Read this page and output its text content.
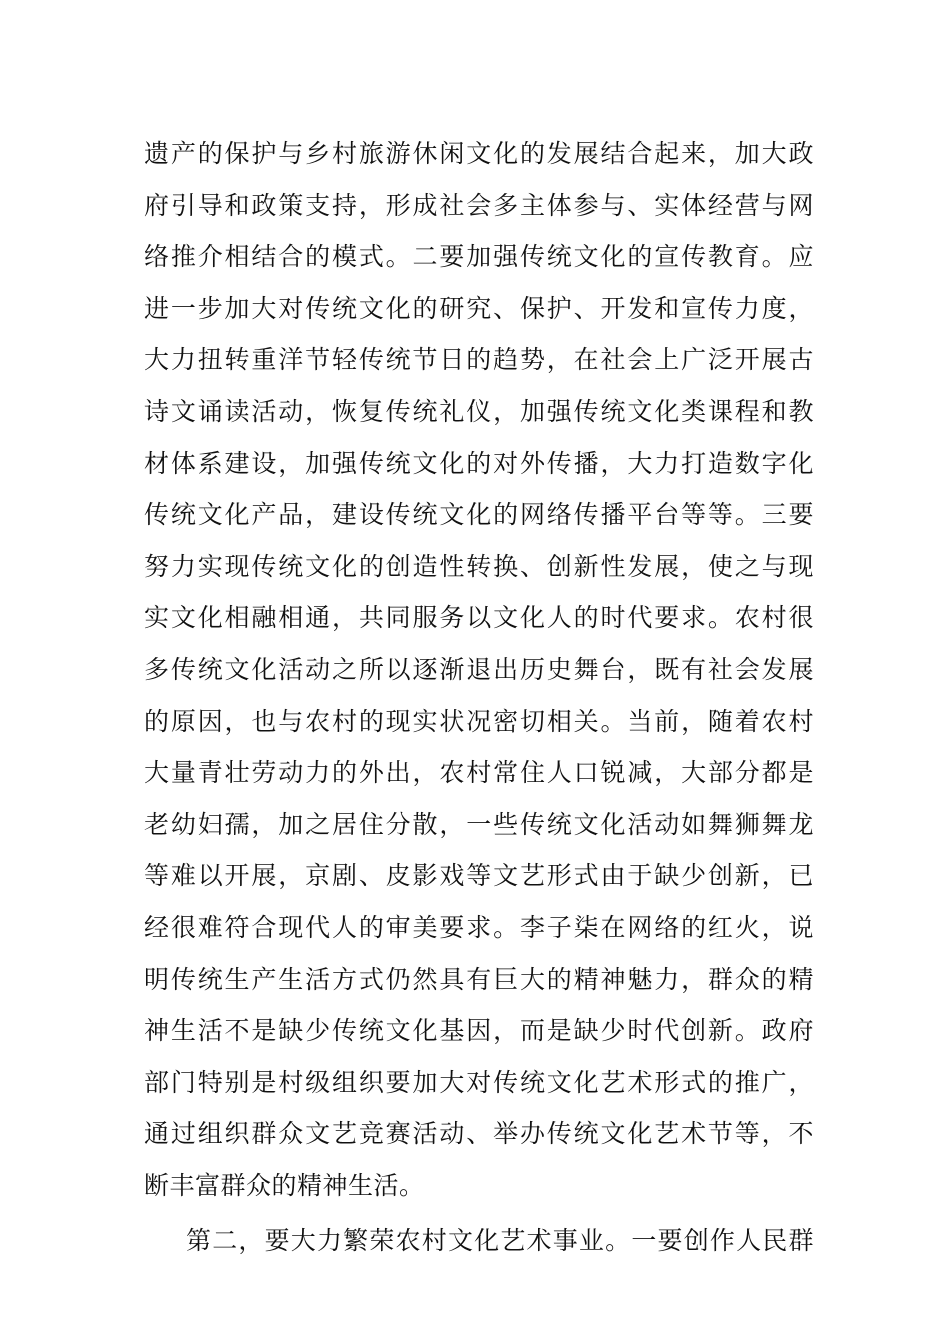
遗产的保护与乡村旅游休闲文化的发展结合起来，加大政
府引导和政策支持，形成社会多主体参与、实体经营与网
络推介相结合的模式。二要加强传统文化的宣传教育。应
进一步加大对传统文化的研究、保护、开发和宣传力度，
大力扭转重洋节轻传统节日的趋势，在社会上广泛开展古
诗文诵读活动，恢复传统礼仪，加强传统文化类课程和教
材体系建设，加强传统文化的对外传播，大力打造数字化
传统文化产品，建设传统文化的网络传播平台等等。三要
努力实现传统文化的创造性转换、创新性发展，使之与现
实文化相融相通，共同服务以文化人的时代要求。农村很
多传统文化活动之所以逐渐退出历史舞台，既有社会发展
的原因，也与农村的现实状况密切相关。当前，随着农村
大量青壮劳动力的外出，农村常住人口锐减，大部分都是
老幼妇孺，加之居住分散，一些传统文化活动如舞狮舞龙
等难以开展，京剧、皮影戏等文艺形式由于缺少创新，已
经很难符合现代人的审美要求。李子柒在网络的红火，说
明传统生产生活方式仍然具有巨大的精神魅力，群众的精
神生活不是缺少传统文化基因，而是缺少时代创新。政府
部门特别是村级组织要加大对传统文化艺术形式的推广，
通过组织群众文艺竞赛活动、举办传统文化艺术节等，不
断丰富群众的精神生活。
第二，要大力繁荣农村文化艺术事业。一要创作人民群
